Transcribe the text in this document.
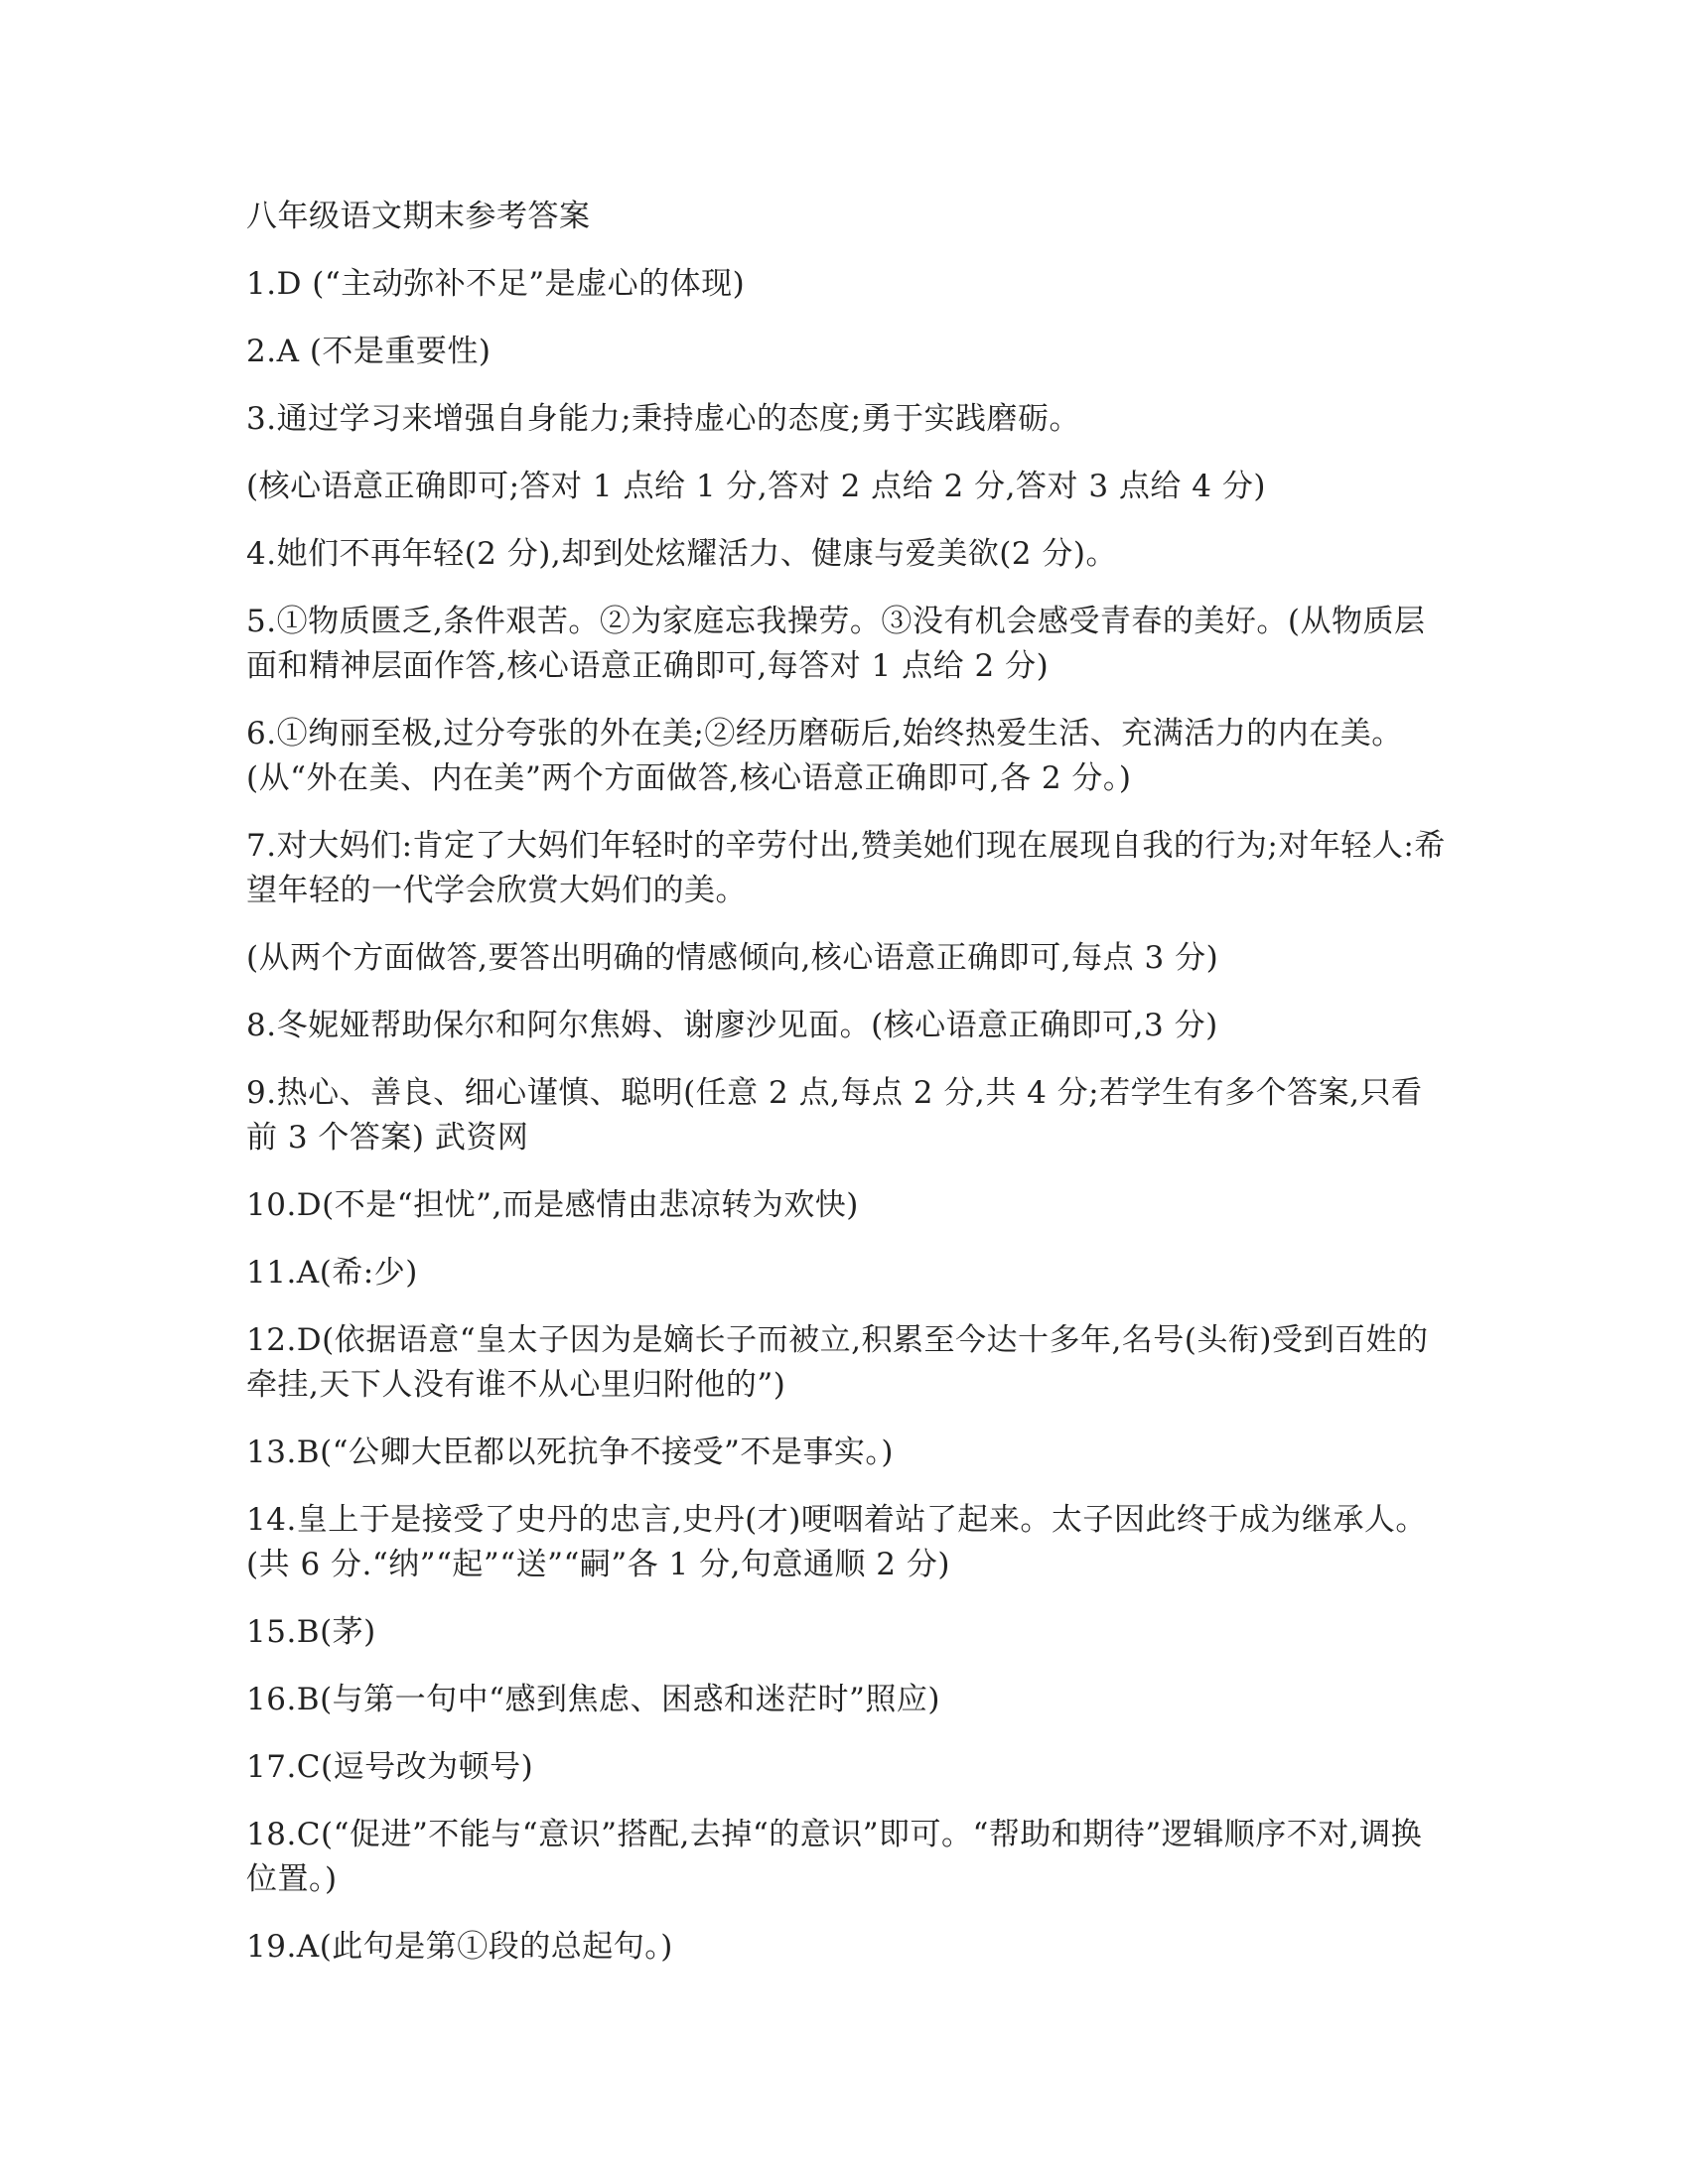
八年级语文期末参考答案
1.D (“主动弥补不足”是虚心的体现)
2.A (不是重要性)
3.通过学习来增强自身能力;秉持虚心的态度;勇于实践磨砺。
(核心语意正确即可;答对 1 点给 1 分,答对 2 点给 2 分,答对 3 点给 4 分)
4.她们不再年轻(2 分),却到处炫耀活力、健康与爱美欲(2 分)。
5.①物质匮乏,条件艰苦。②为家庭忘我操劳。③没有机会感受青春的美好。(从物质层面和精神层面作答,核心语意正确即可,每答对 1 点给 2 分)
6.①绚丽至极,过分夸张的外在美;②经历磨砺后,始终热爱生活、充满活力的内在美。(从“外在美、内在美”两个方面做答,核心语意正确即可,各 2 分。)
7.对大妈们:肯定了大妈们年轻时的辛劳付出,赞美她们现在展现自我的行为;对年轻人:希望年轻的一代学会欣赏大妈们的美。
(从两个方面做答,要答出明确的情感倾向,核心语意正确即可,每点 3 分)
8.冬妮娅帮助保尔和阿尔焦姆、谢廖沙见面。(核心语意正确即可,3 分)
9.热心、善良、细心谨慎、聪明(任意 2 点,每点 2 分,共 4 分;若学生有多个答案,只看前 3 个答案) 武资网
10.D(不是“担忧”,而是感情由悲凉转为欢快)
11.A(希:少)
12.D(依据语意“皇太子因为是嫡长子而被立,积累至今达十多年,名号(头衔)受到百姓的牵挂,天下人没有谁不从心里归附他的”)
13.B(“公卿大臣都以死抗争不接受”不是事实。)
14.皇上于是接受了史丹的忠言,史丹(才)哽咽着站了起来。太子因此终于成为继承人。(共 6 分.“纳”“起”“送”“嗣”各 1 分,句意通顺 2 分)
15.B(茅)
16.B(与第一句中“感到焦虑、困惑和迷茫时”照应)
17.C(逗号改为顿号)
18.C(“促进”不能与“意识”搭配,去掉“的意识”即可。“帮助和期待”逻辑顺序不对,调换位置。)
19.A(此句是第①段的总起句。)
